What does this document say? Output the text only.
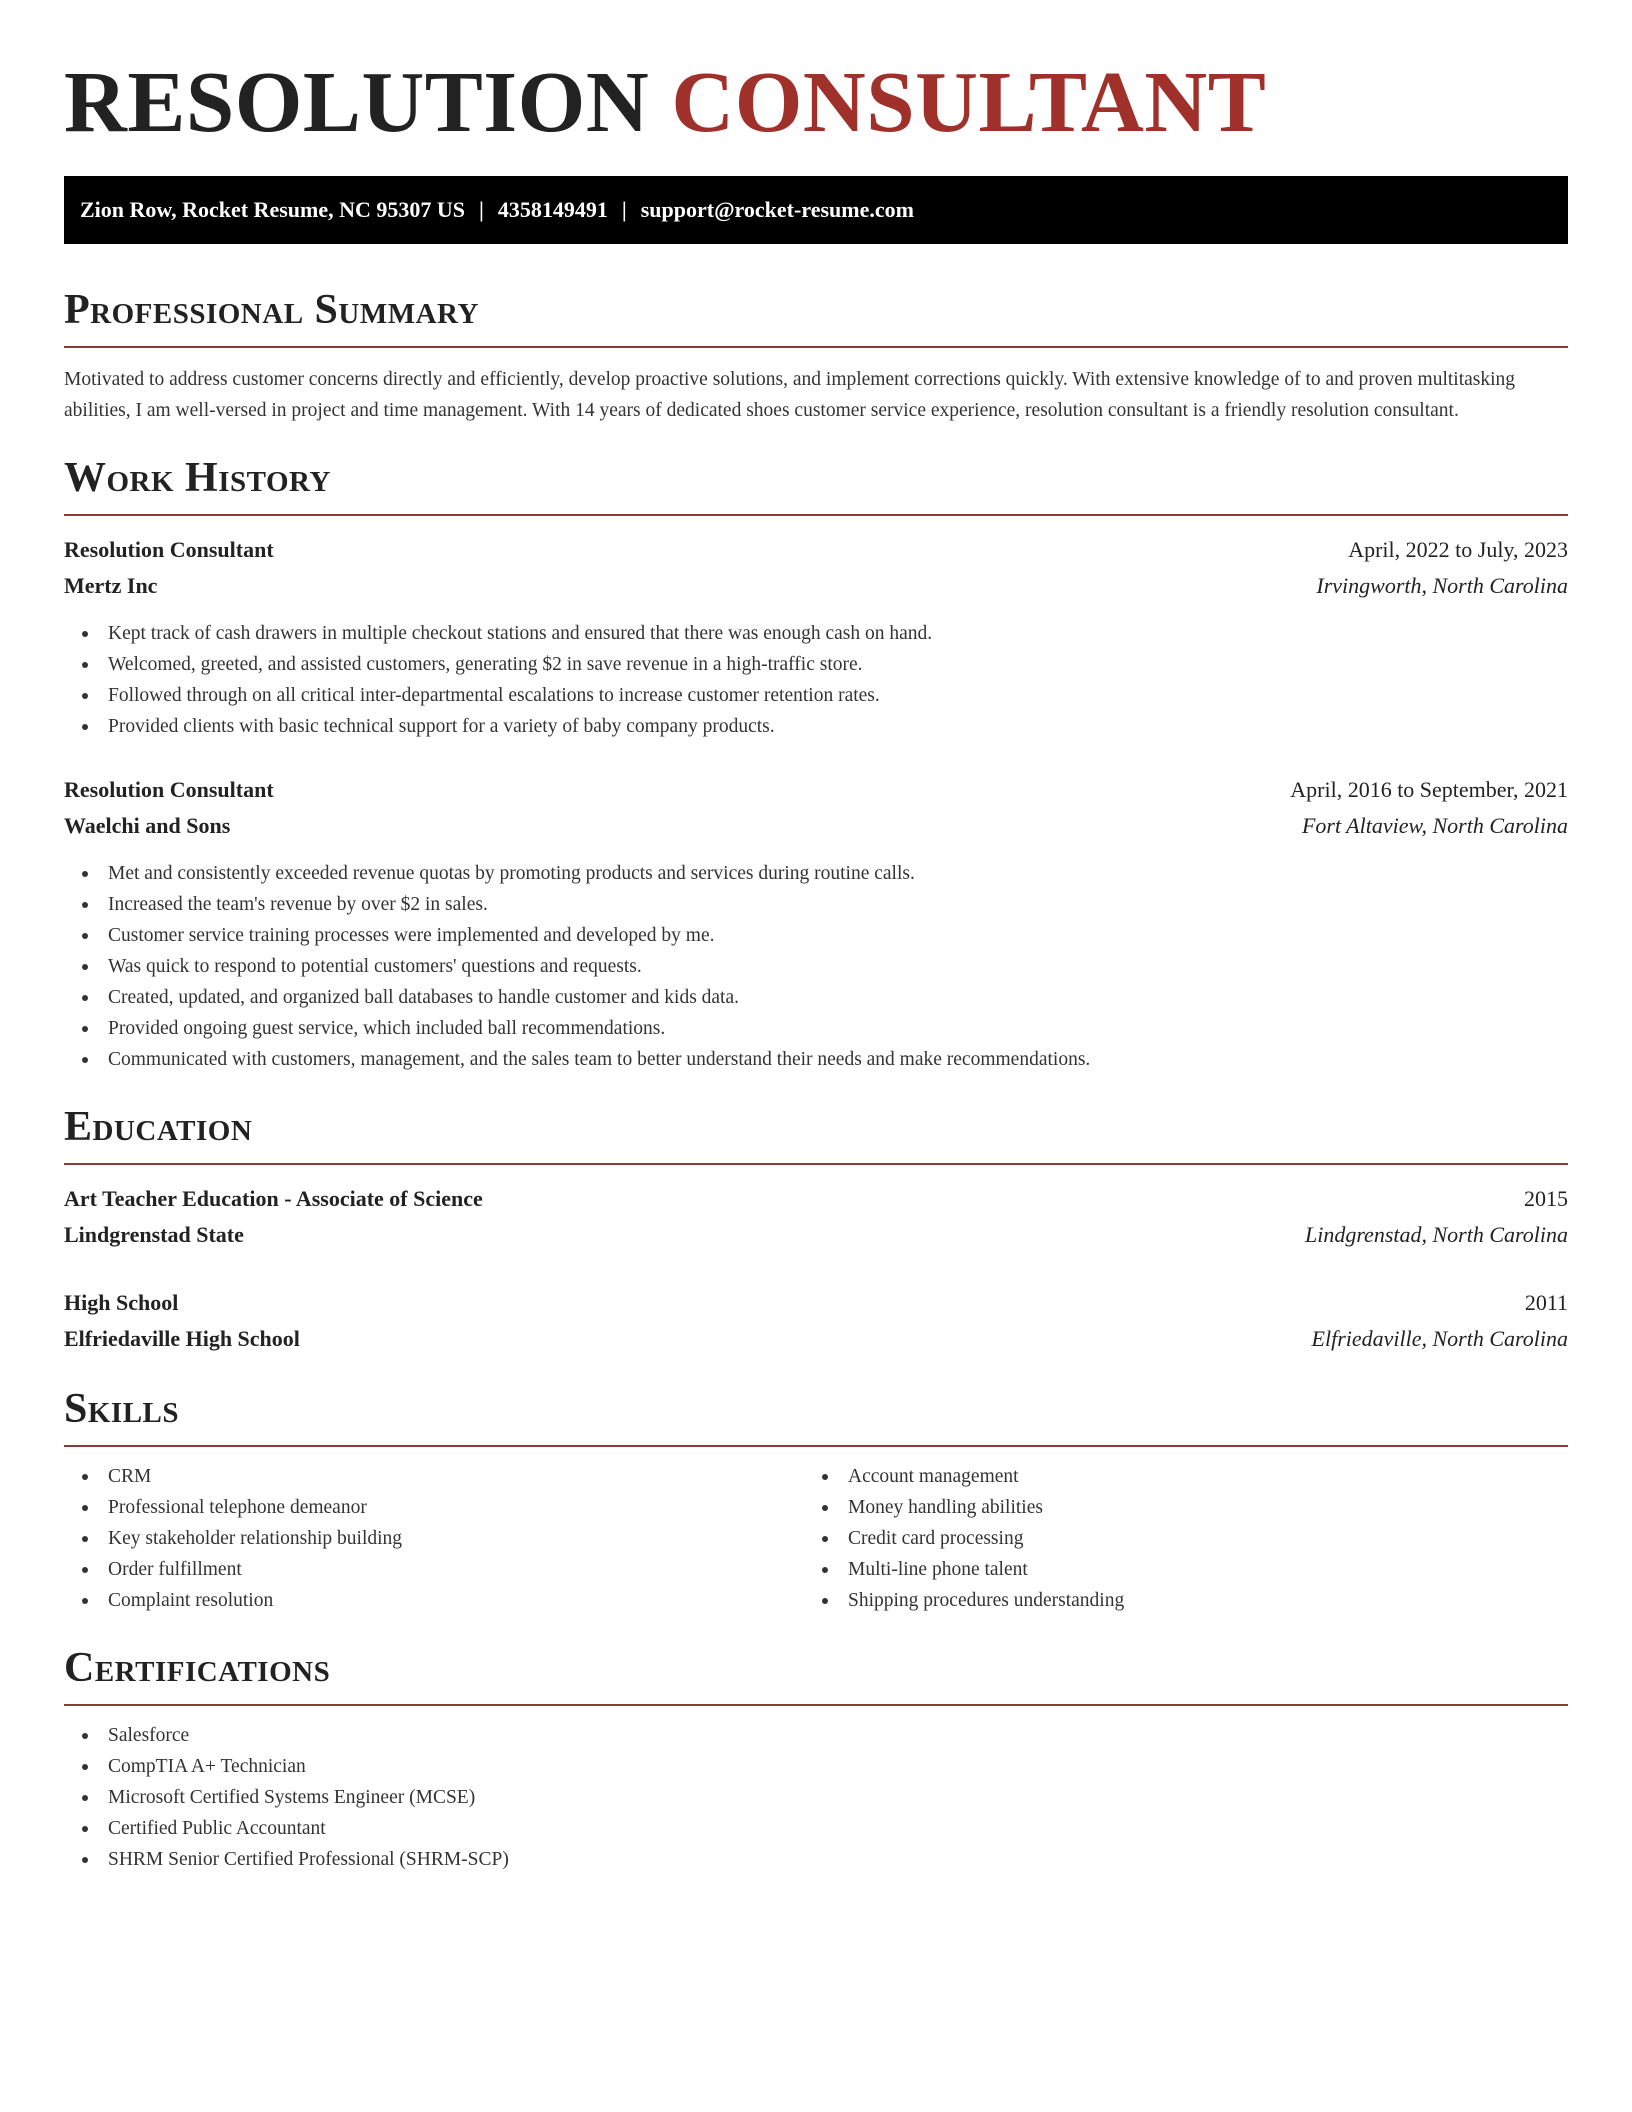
RESOLUTION CONSULTANT
Zion Row, Rocket Resume, NC 95307 US | 4358149491 | support@rocket-resume.com
Professional Summary

Motivated to address customer concerns directly and efficiently, develop proactive solutions, and implement corrections quickly. With extensive knowledge of to and proven multitasking abilities, I am well-versed in project and time management. With 14 years of dedicated shoes customer service experience, resolution consultant is a friendly resolution consultant.

Work History
Resolution Consultant	April, 2022 to July, 2023
Mertz Inc	Irvingworth, North Carolina
Kept track of cash drawers in multiple checkout stations and ensured that there was enough cash on hand.
Welcomed, greeted, and assisted customers, generating $2 in save revenue in a high-traffic store.
Followed through on all critical inter-departmental escalations to increase customer retention rates.
Provided clients with basic technical support for a variety of baby company products.
Resolution Consultant	April, 2016 to September, 2021
Waelchi and Sons	Fort Altaview, North Carolina
Met and consistently exceeded revenue quotas by promoting products and services during routine calls.
Increased the team's revenue by over $2 in sales.
Customer service training processes were implemented and developed by me.
Was quick to respond to potential customers' questions and requests.
Created, updated, and organized ball databases to handle customer and kids data.
Provided ongoing guest service, which included ball recommendations.
Communicated with customers, management, and the sales team to better understand their needs and make recommendations.
Education
Art Teacher Education - Associate of Science	2015
Lindgrenstad State	Lindgrenstad, North Carolina
High School	2011
Elfriedaville High School	Elfriedaville, North Carolina
Skills
CRM
Professional telephone demeanor
Key stakeholder relationship building
Order fulfillment
Complaint resolution
Account management
Money handling abilities
Credit card processing
Multi-line phone talent
Shipping procedures understanding
Certifications
Salesforce
CompTIA A+ Technician
Microsoft Certified Systems Engineer (MCSE)
Certified Public Accountant
SHRM Senior Certified Professional (SHRM-SCP)
